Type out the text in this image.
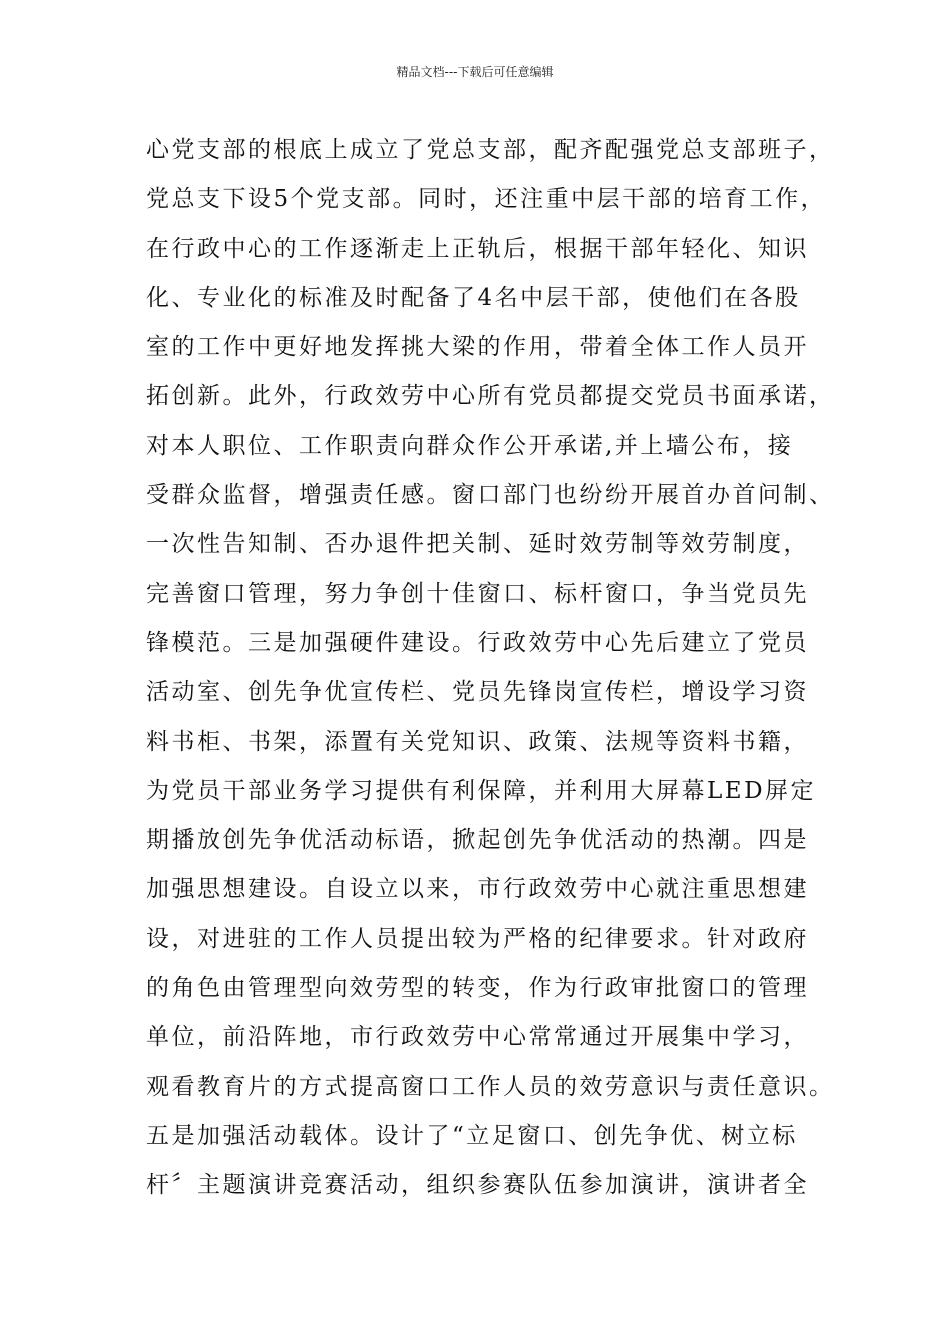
精品文档---下载后可任意编辑
心党支部的根底上成立了党总支部，配齐配强党总支部班子，
党总支下设5个党支部。同时，还注重中层干部的培育工作，
在行政中心的工作逐渐走上正轨后，根据干部年轻化、知识
化、专业化的标准及时配备了4名中层干部，使他们在各股
室的工作中更好地发挥挑大梁的作用，带着全体工作人员开
拓创新。此外，行政效劳中心所有党员都提交党员书面承诺，
对本人职位、工作职责向群众作公开承诺,并上墙公布，接
受群众监督，增强责任感。窗口部门也纷纷开展首办首问制、
一次性告知制、否办退件把关制、延时效劳制等效劳制度，
完善窗口管理，努力争创十佳窗口、标杆窗口，争当党员先
锋模范。三是加强硬件建设。行政效劳中心先后建立了党员
活动室、创先争优宣传栏、党员先锋岗宣传栏，增设学习资
料书柜、书架，添置有关党知识、政策、法规等资料书籍，
为党员干部业务学习提供有利保障，并利用大屏幕LED屏定
期播放创先争优活动标语，掀起创先争优活动的热潮。四是
加强思想建设。自设立以来，市行政效劳中心就注重思想建
设，对进驻的工作人员提出较为严格的纪律要求。针对政府
的角色由管理型向效劳型的转变，作为行政审批窗口的管理
单位，前沿阵地，市行政效劳中心常常通过开展集中学习，
观看教育片的方式提高窗口工作人员的效劳意识与责任意识。
五是加强活动载体。设计了“立足窗口、创先争优、树立标
杆〞主题演讲竞赛活动，组织参赛队伍参加演讲，演讲者全
